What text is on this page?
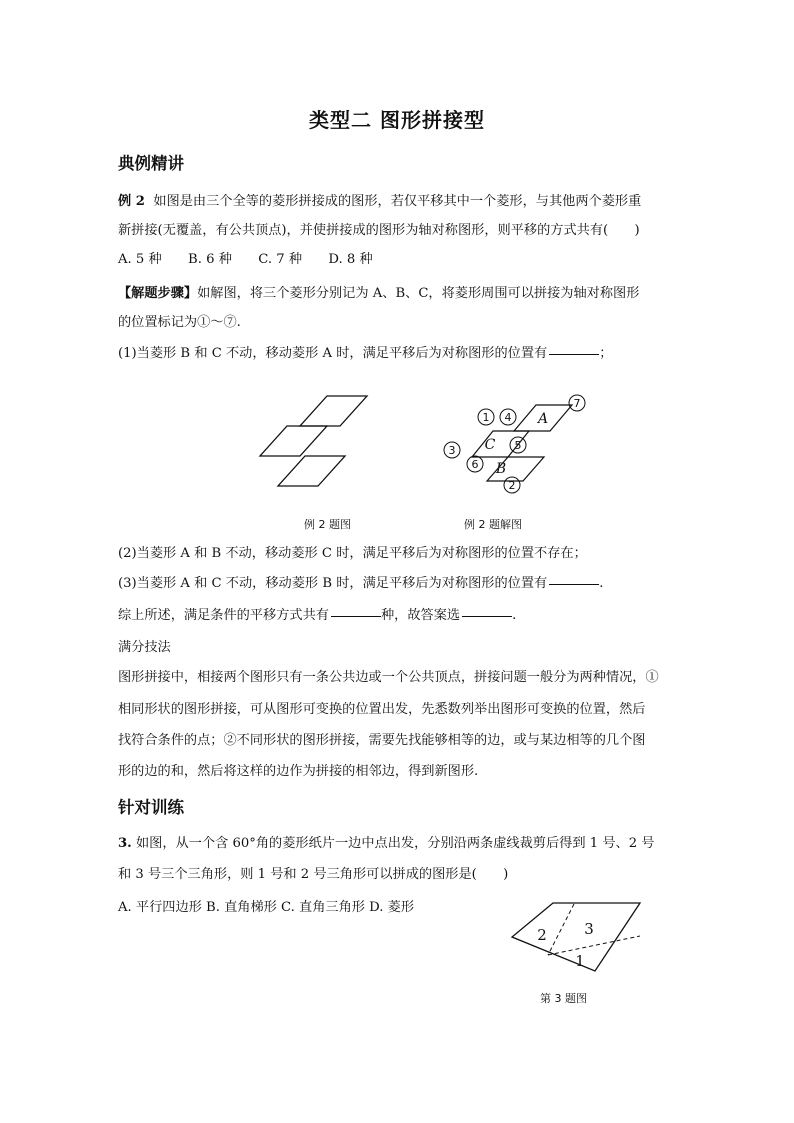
类型二 图形拼接型
典例精讲
例 2 如图是由三个全等的菱形拼接成的图形，若仅平移其中一个菱形，与其他两个菱形重
新拼接(无覆盖，有公共顶点)，并使拼接成的图形为轴对称图形，则平移的方式共有(　　)
A. 5 种　　B. 6 种　　C. 7 种　　D. 8 种
【解题步骤】如解图，将三个菱形分别记为 A、B、C，将菱形周围可以拼接为轴对称图形
的位置标记为①～⑦.
(1)当菱形 B 和 C 不动，移动菱形 A 时，满足平移后为对称图形的位置有	；
例 2 题图
1 4
7
5
3
6
2
A
C
B
例 2 题解图
(2)当菱形 A 和 B 不动，移动菱形 C 时，满足平移后为对称图形的位置不存在；
(3)当菱形 A 和 C 不动，移动菱形 B 时，满足平移后为对称图形的位置有	.
综上所述，满足条件的平移方式共有	种，故答案选	.
满分技法
图形拼接中，相接两个图形只有一条公共边或一个公共顶点，拼接问题一般分为两种情况，①
相同形状的图形拼接，可从图形可变换的位置出发，先悉数列举出图形可变换的位置，然后
找符合条件的点；②不同形状的图形拼接，需要先找能够相等的边，或与某边相等的几个图
形的边的和，然后将这样的边作为拼接的相邻边，得到新图形.
针对训练
3. 如图，从一个含 60°角的菱形纸片一边中点出发，分别沿两条虚线裁剪后得到 1 号、2 号
和 3 号三个三角形，则 1 号和 2 号三角形可以拼成的图形是(　　)
A. 平行四边形 B. 直角梯形 C. 直角三角形 D. 菱形
2 3
1
第 3 题图
